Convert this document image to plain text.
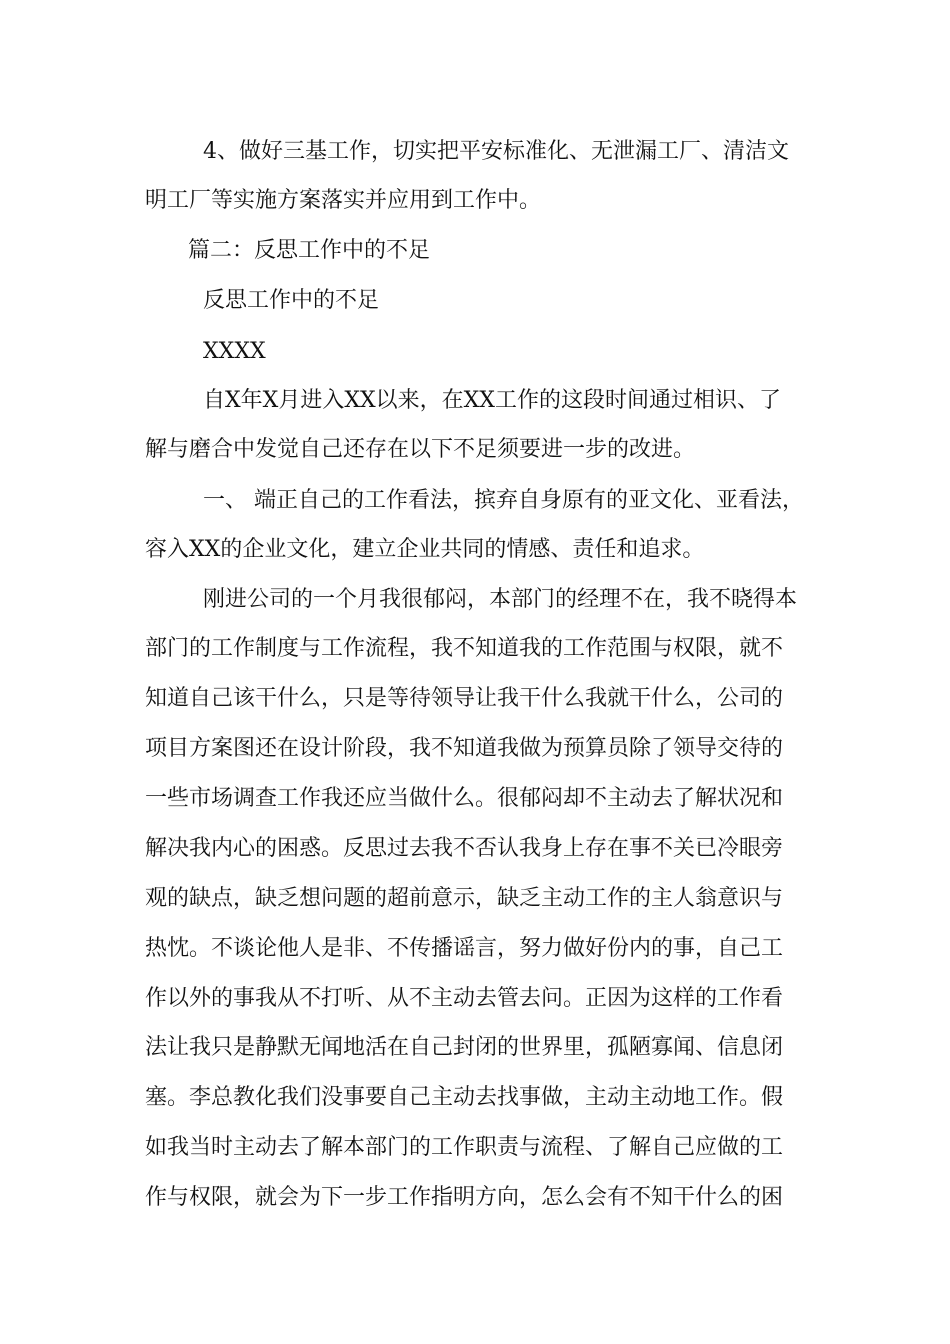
4、做好三基工作，切实把平安标准化、无泄漏工厂、清洁文
明工厂等实施方案落实并应用到工作中。
篇二：反思工作中的不足
反思工作中的不足
XXXX
自X年X月进入XX以来，在XX工作的这段时间通过相识、了
解与磨合中发觉自己还存在以下不足须要进一步的改进。
一、 端正自己的工作看法，摈弃自身原有的亚文化、亚看法，
容入XX的企业文化，建立企业共同的情感、责任和追求。
刚进公司的一个月我很郁闷，本部门的经理不在，我不晓得本
部门的工作制度与工作流程，我不知道我的工作范围与权限，就不
知道自己该干什么，只是等待领导让我干什么我就干什么，公司的
项目方案图还在设计阶段，我不知道我做为预算员除了领导交待的
一些市场调查工作我还应当做什么。很郁闷却不主动去了解状况和
解决我内心的困惑。反思过去我不否认我身上存在事不关已冷眼旁
观的缺点，缺乏想问题的超前意示，缺乏主动工作的主人翁意识与
热忱。不谈论他人是非、不传播谣言，努力做好份内的事，自己工
作以外的事我从不打听、从不主动去管去问。正因为这样的工作看
法让我只是静默无闻地活在自己封闭的世界里，孤陋寡闻、信息闭
塞。李总教化我们没事要自己主动去找事做，主动主动地工作。假
如我当时主动去了解本部门的工作职责与流程、了解自己应做的工
作与权限，就会为下一步工作指明方向，怎么会有不知干什么的困
